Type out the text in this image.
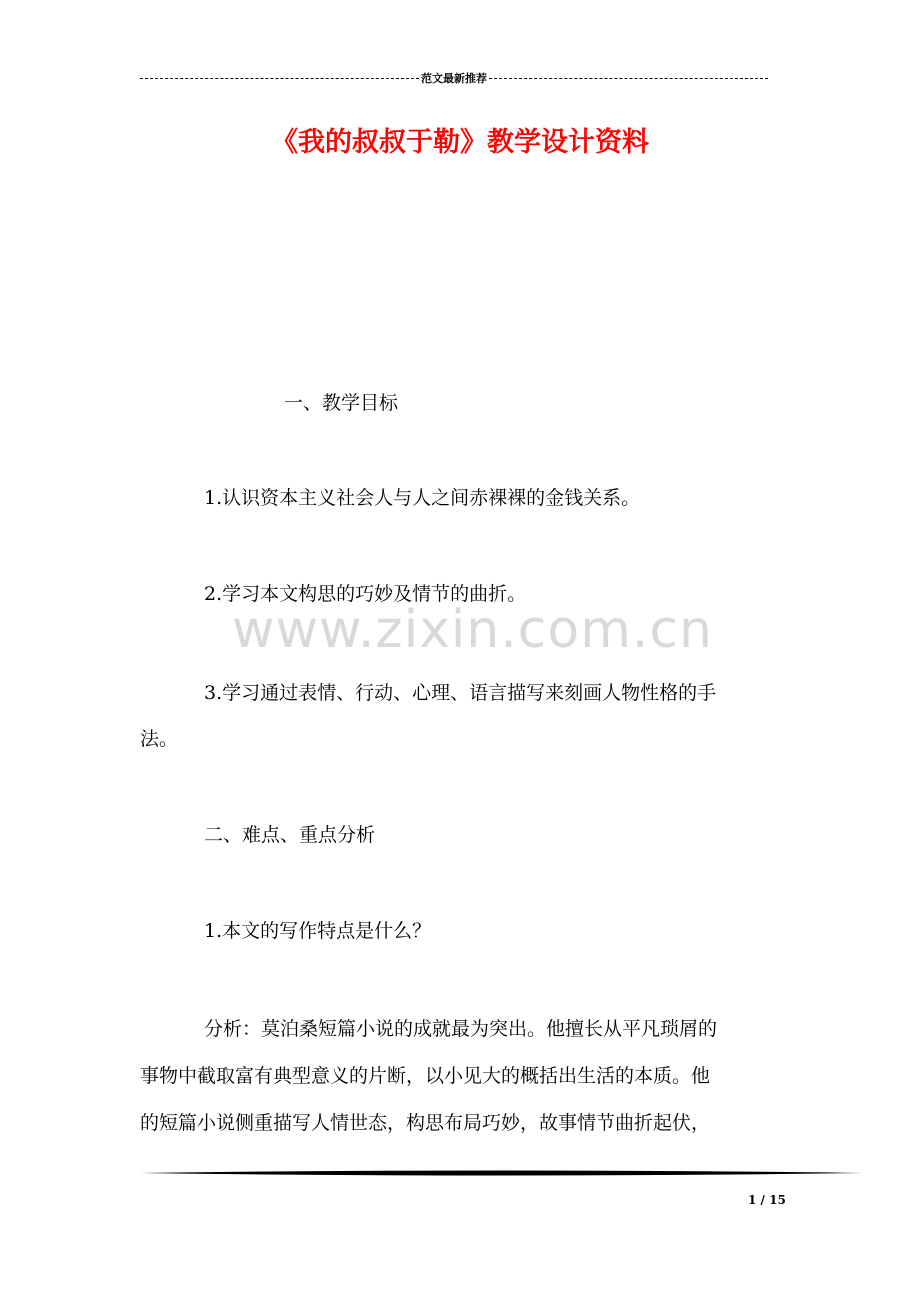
范文最新推荐
《我的叔叔于勒》教学设计资料
一、教学目标
1.认识资本主义社会人与人之间赤裸裸的金钱关系。
2.学习本文构思的巧妙及情节的曲折。
3.学习通过表情、行动、心理、语言描写来刻画人物性格的手
法。
二、难点、重点分析
1.本文的写作特点是什么？
分析：莫泊桑短篇小说的成就最为突出。他擅长从平凡琐屑的
事物中截取富有典型意义的片断，以小见大的概括出生活的本质。他
的短篇小说侧重描写人情世态，构思布局巧妙，故事情节曲折起伏，
www.zixin.com.cn
1 / 15
